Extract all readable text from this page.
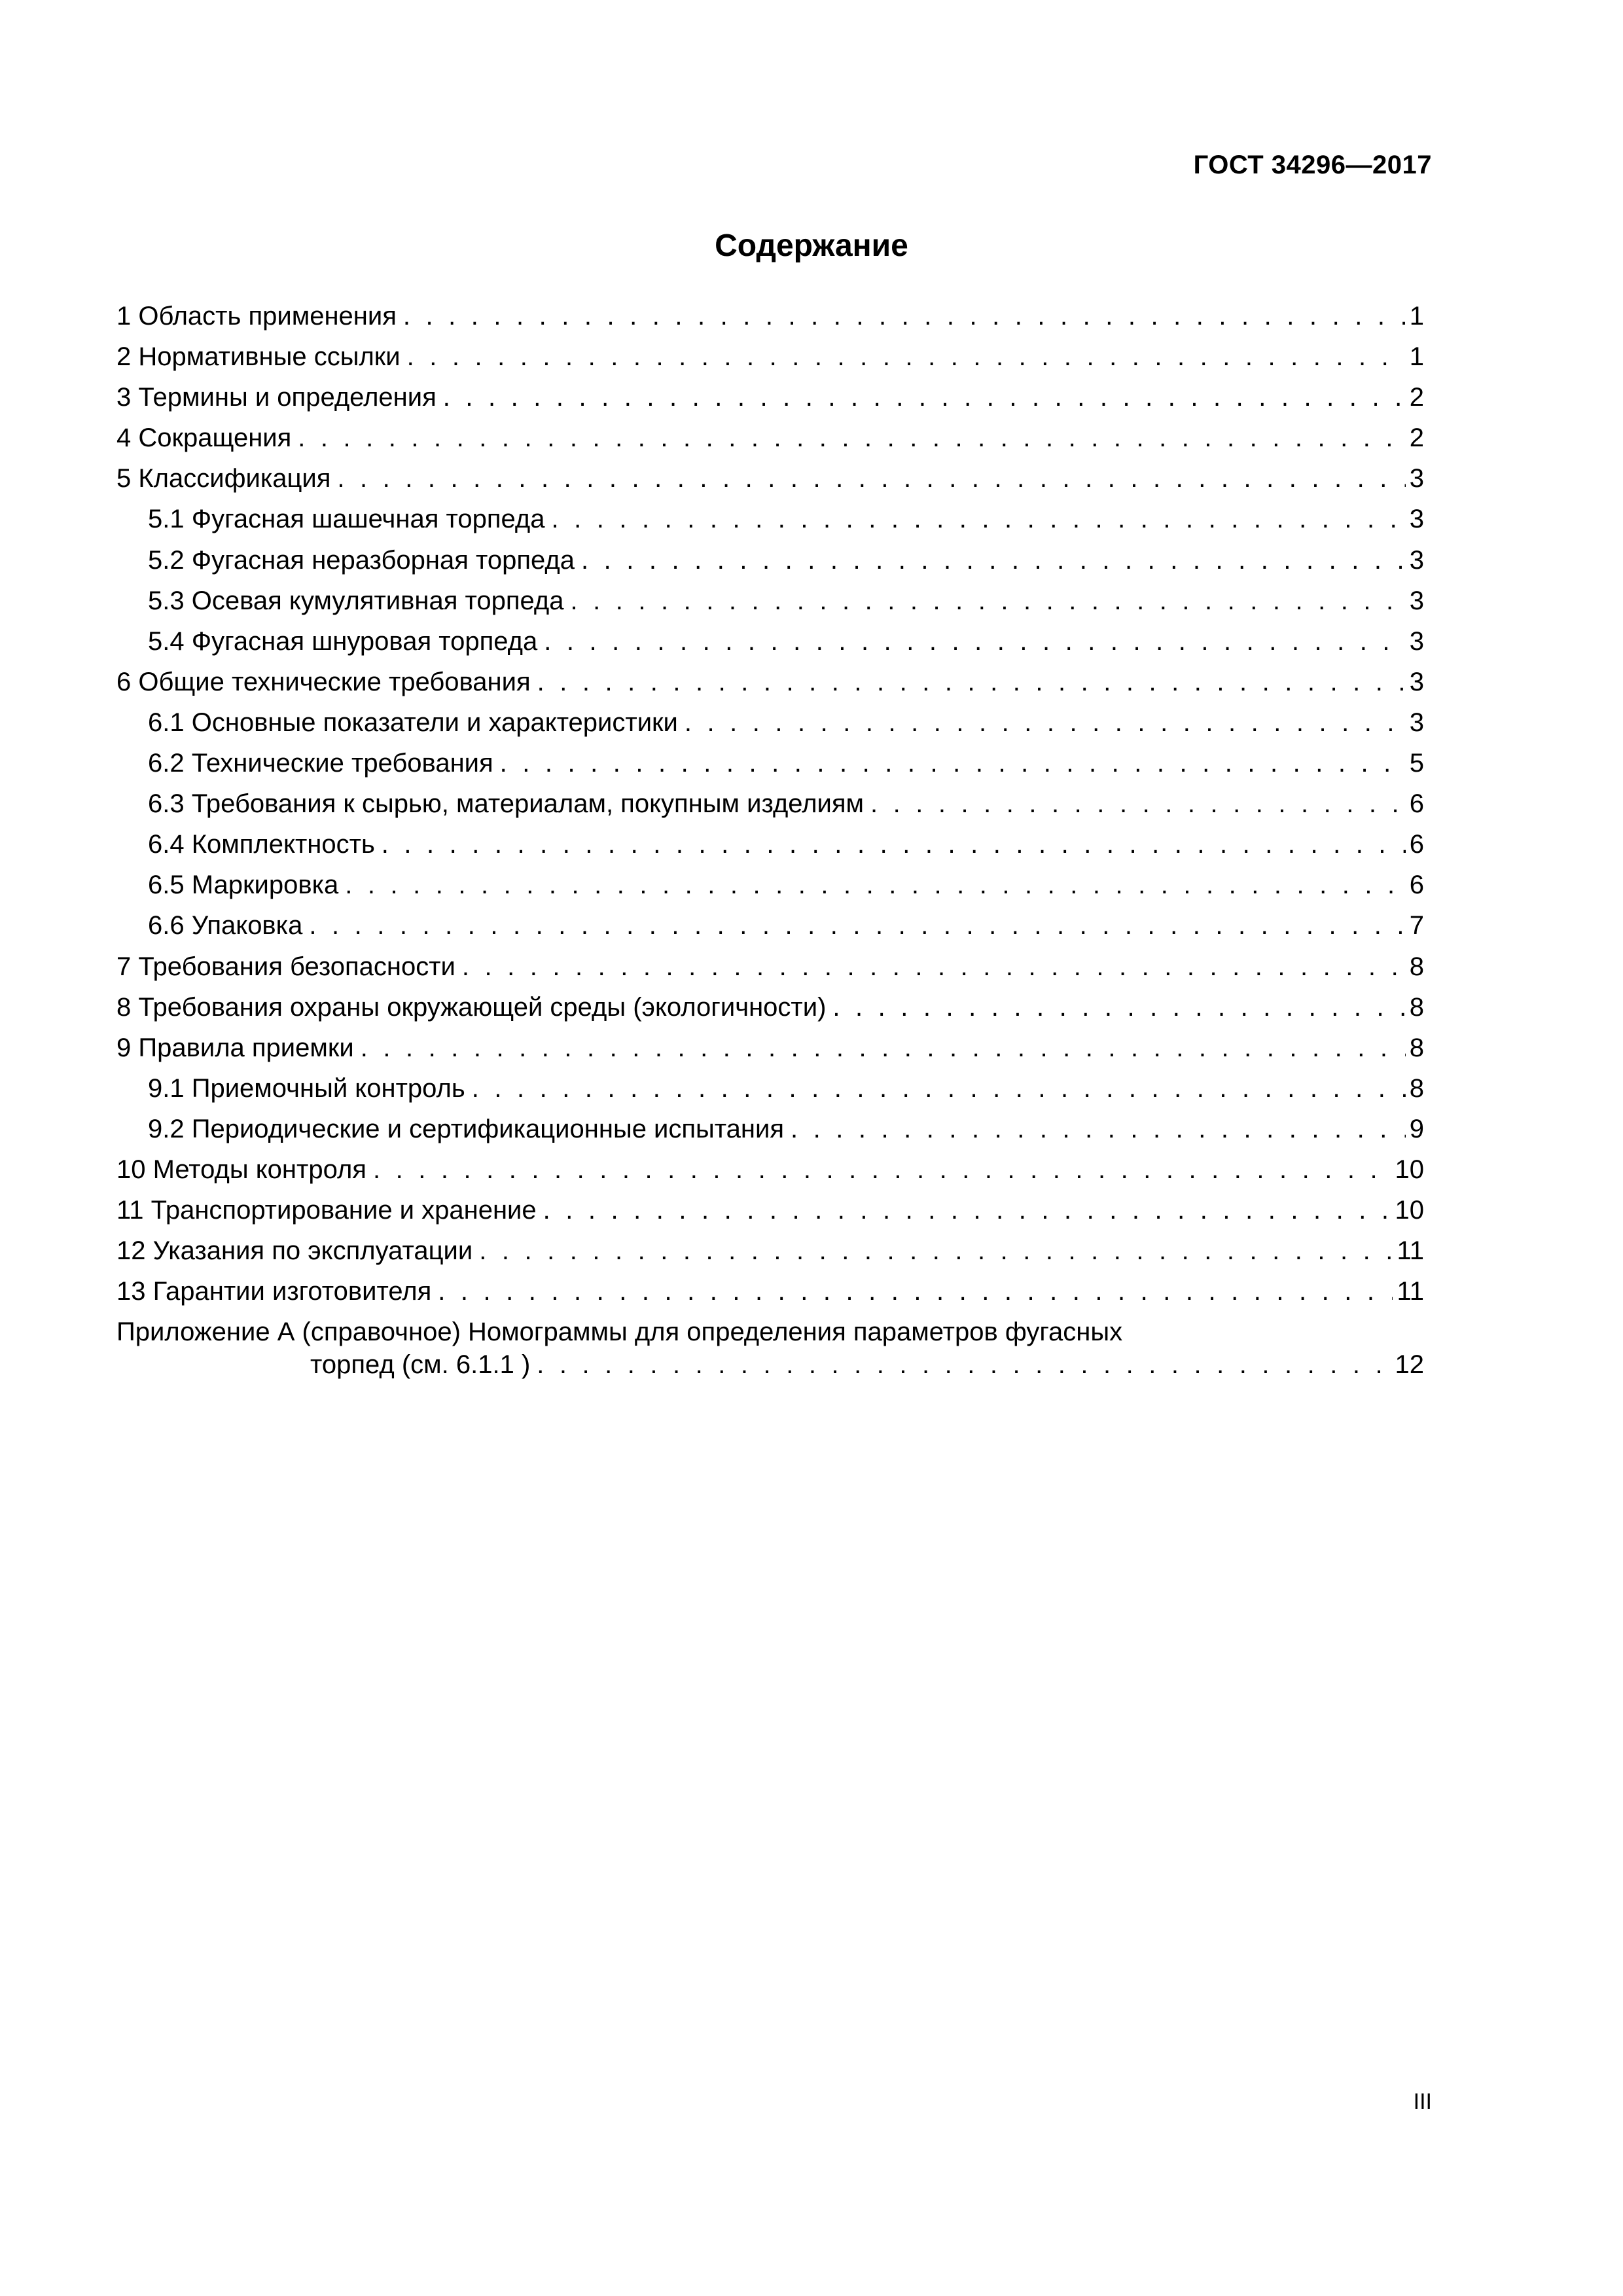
ГОСТ 34296—2017
Содержание
1 Область применения . . .	1
2 Нормативные ссылки . . .	1
3 Термины и определения . . .	2
4 Сокращения . . .	2
5 Классификация . . .	3
5.1 Фугасная шашечная торпеда . . .	3
5.2 Фугасная неразборная торпеда . . .	3
5.3 Осевая кумулятивная торпеда . . .	3
5.4 Фугасная шнуровая торпеда . . .	3
6 Общие технические требования . . .	3
6.1 Основные показатели и характеристики . . .	3
6.2 Технические требования . . .	5
6.3 Требования к сырью, материалам, покупным изделиям . . .	6
6.4 Комплектность . . .	6
6.5 Маркировка . . .	6
6.6 Упаковка . . .	7
7 Требования безопасности . . .	8
8 Требования охраны окружающей среды (экологичности) . . .	8
9 Правила приемки . . .	8
9.1 Приемочный контроль . . .	8
9.2 Периодические и сертификационные испытания . . .	9
10 Методы контроля . . .	10
11 Транспортирование и хранение . . .	10
12 Указания по эксплуатации . . .	11
13 Гарантии изготовителя . . .	11
Приложение А (справочное) Номограммы для определения параметров фугасных
торпед (см. 6.1.1 ) . . .	12
III
